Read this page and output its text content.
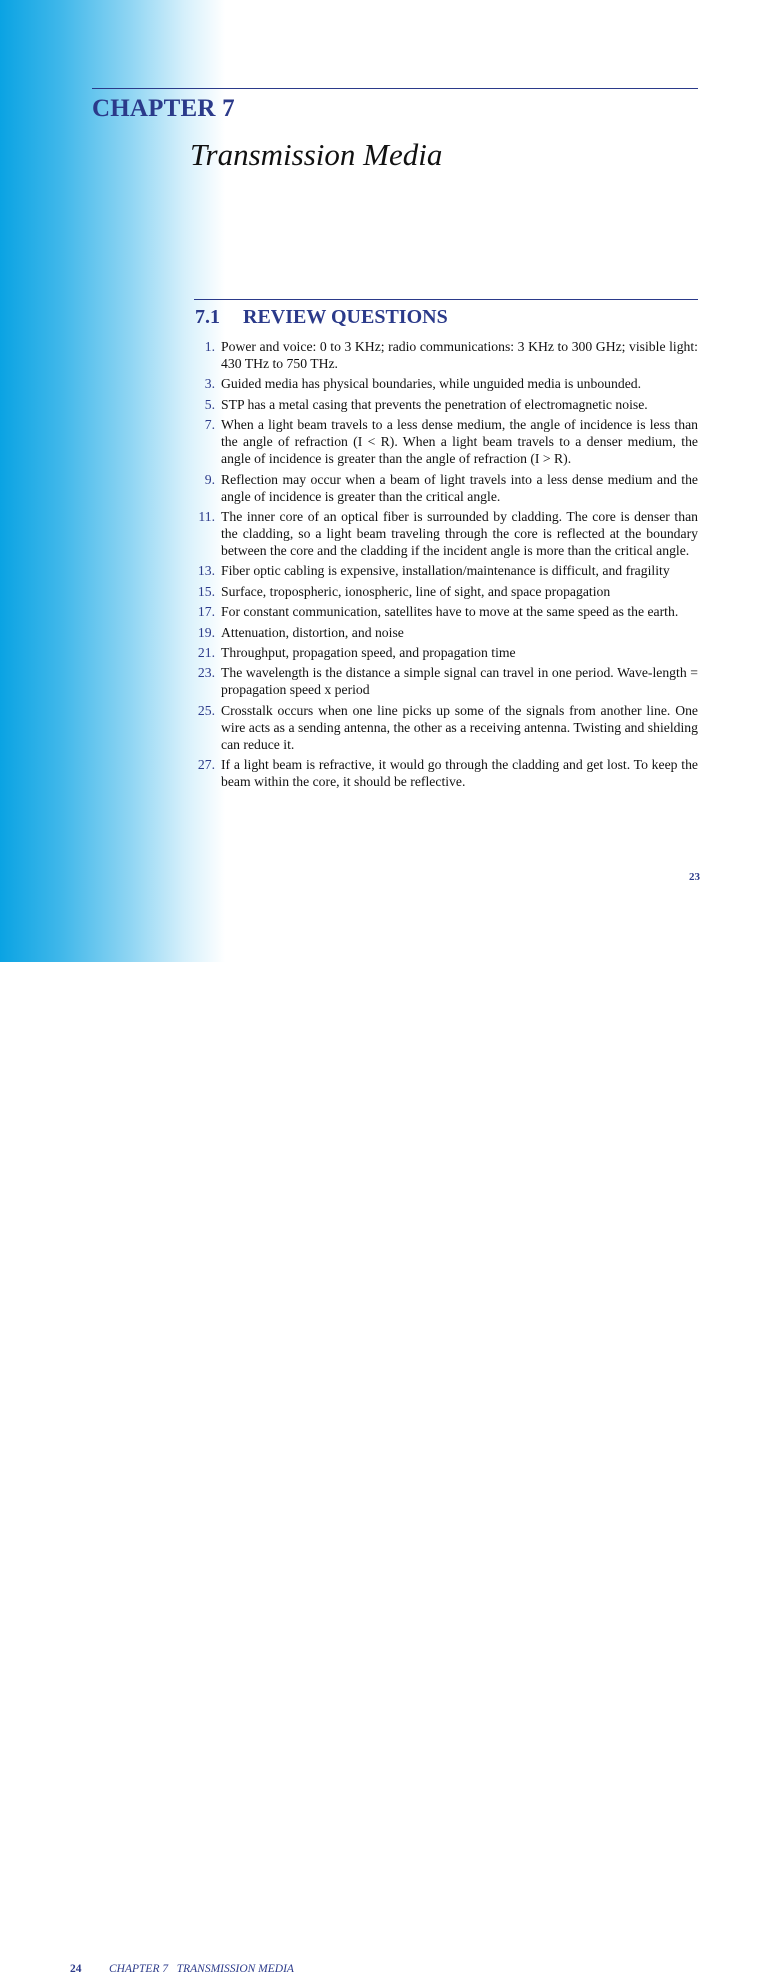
CHAPTER 7
Transmission Media
7.1 REVIEW QUESTIONS
1. Power and voice: 0 to 3 KHz; radio communications: 3 KHz to 300 GHz; visible light: 430 THz to 750 THz.
3. Guided media has physical boundaries, while unguided media is unbounded.
5. STP has a metal casing that prevents the penetration of electromagnetic noise.
7. When a light beam travels to a less dense medium, the angle of incidence is less than the angle of refraction (I < R). When a light beam travels to a denser medium, the angle of incidence is greater than the angle of refraction (I > R).
9. Reflection may occur when a beam of light travels into a less dense medium and the angle of incidence is greater than the critical angle.
11. The inner core of an optical fiber is surrounded by cladding. The core is denser than the cladding, so a light beam traveling through the core is reflected at the boundary between the core and the cladding if the incident angle is more than the critical angle.
13. Fiber optic cabling is expensive, installation/maintenance is difficult, and fragility
15. Surface, tropospheric, ionospheric, line of sight, and space propagation
17. For constant communication, satellites have to move at the same speed as the earth.
19. Attenuation, distortion, and noise
21. Throughput, propagation speed, and propagation time
23. The wavelength is the distance a simple signal can travel in one period. Wave-length = propagation speed x period
25. Crosstalk occurs when one line picks up some of the signals from another line. One wire acts as a sending antenna, the other as a receiving antenna. Twisting and shielding can reduce it.
27. If a light beam is refractive, it would go through the cladding and get lost. To keep the beam within the core, it should be reflective.
23
24 CHAPTER 7   TRANSMISSION MEDIA
